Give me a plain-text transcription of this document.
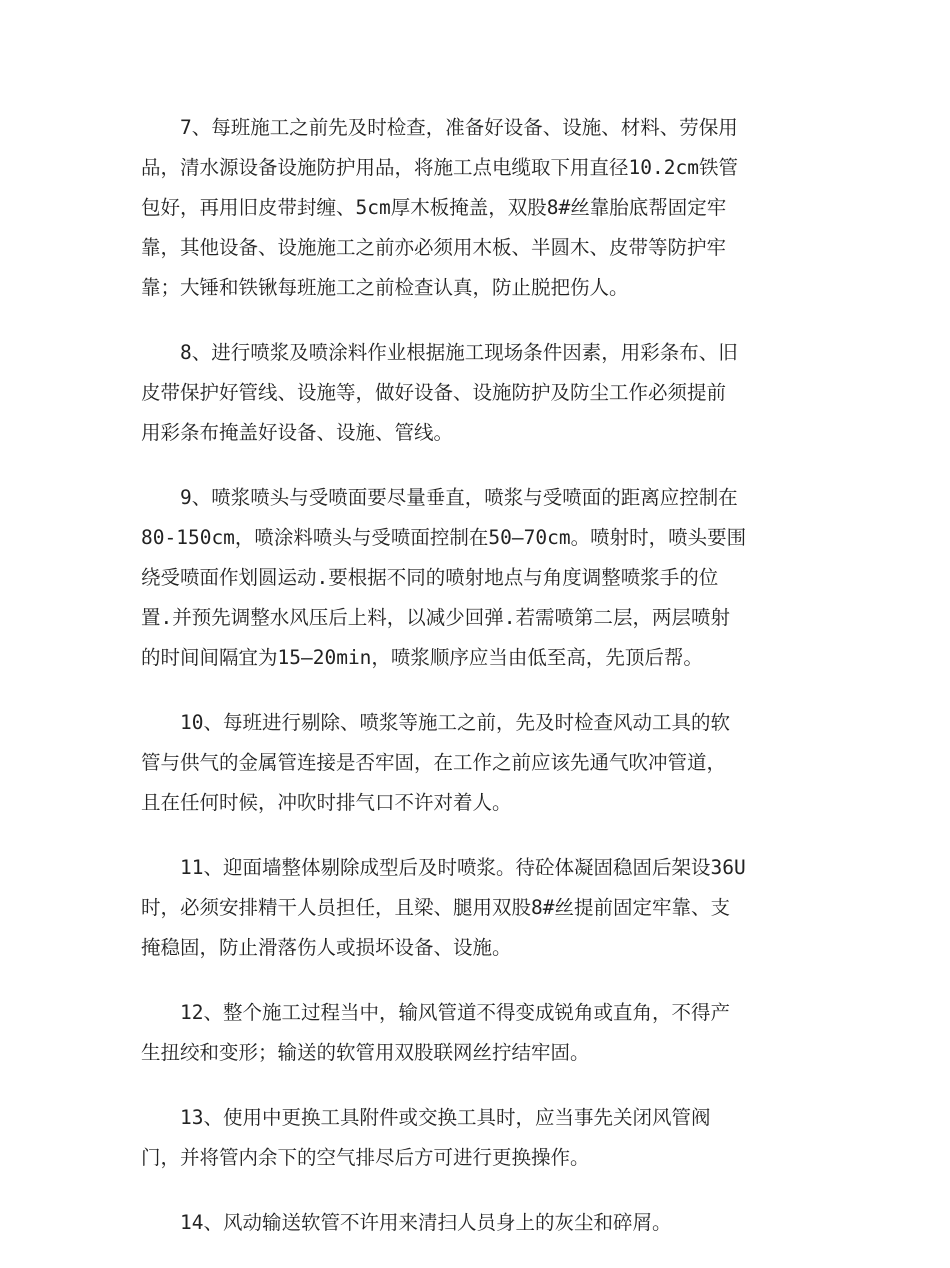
7、每班施工之前先及时检查，准备好设备、设施、材料、劳保用
品，清水源设备设施防护用品，将施工点电缆取下用直径10.2cm铁管
包好，再用旧皮带封缠、5cm厚木板掩盖，双股8#丝靠胎底帮固定牢
靠，其他设备、设施施工之前亦必须用木板、半圆木、皮带等防护牢
靠；大锤和铁锹每班施工之前检查认真，防止脱把伤人。

8、进行喷浆及喷涂料作业根据施工现场条件因素，用彩条布、旧
皮带保护好管线、设施等，做好设备、设施防护及防尘工作必须提前
用彩条布掩盖好设备、设施、管线。

9、喷浆喷头与受喷面要尽量垂直，喷浆与受喷面的距离应控制在
80-150cm，喷涂料喷头与受喷面控制在50—70cm。喷射时，喷头要围
绕受喷面作划圆运动.要根据不同的喷射地点与角度调整喷浆手的位
置.并预先调整水风压后上料，以减少回弹.若需喷第二层，两层喷射
的时间间隔宜为15—20min，喷浆顺序应当由低至高，先顶后帮。

10、每班进行剔除、喷浆等施工之前，先及时检查风动工具的软
管与供气的金属管连接是否牢固，在工作之前应该先通气吹冲管道，
且在任何时候，冲吹时排气口不许对着人。

11、迎面墙整体剔除成型后及时喷浆。待砼体凝固稳固后架设36U
时，必须安排精干人员担任，且梁、腿用双股8#丝提前固定牢靠、支
掩稳固，防止滑落伤人或损坏设备、设施。

12、整个施工过程当中，输风管道不得变成锐角或直角，不得产
生扭绞和变形；输送的软管用双股联网丝拧结牢固。

13、使用中更换工具附件或交换工具时，应当事先关闭风管阀
门，并将管内余下的空气排尽后方可进行更换操作。

14、风动输送软管不许用来清扫人员身上的灰尘和碎屑。
